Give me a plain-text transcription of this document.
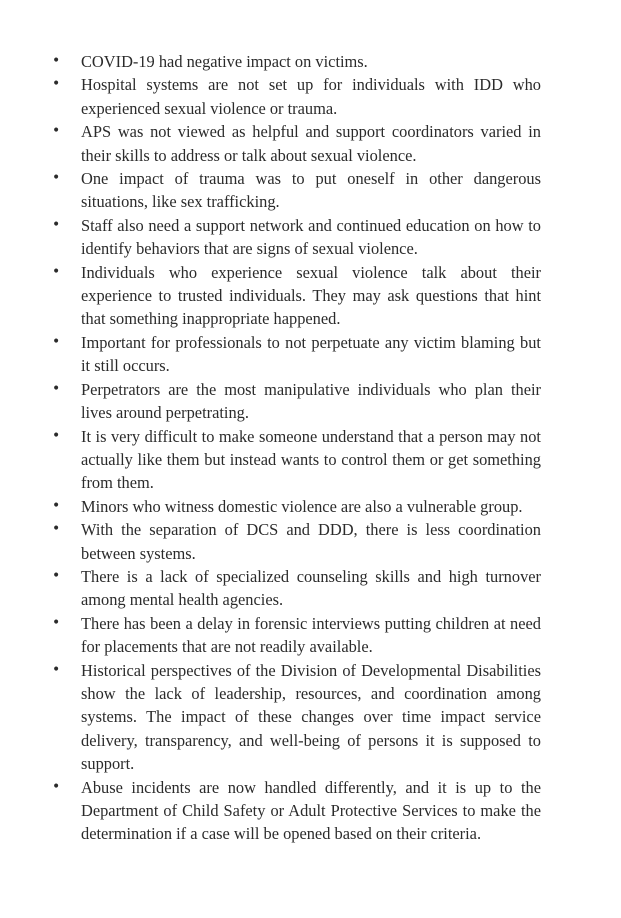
• COVID-19 had negative impact on victims.
• Hospital systems are not set up for individuals with IDD who experienced sexual violence or trauma.
• APS was not viewed as helpful and support coordinators varied in their skills to address or talk about sexual violence.
• One impact of trauma was to put oneself in other dangerous situations, like sex trafficking.
• Staff also need a support network and continued education on how to identify behaviors that are signs of sexual violence.
• Individuals who experience sexual violence talk about their experience to trusted individuals. They may ask questions that hint that something inappropriate happened.
• Important for professionals to not perpetuate any victim blaming but it still occurs.
• Perpetrators are the most manipulative individuals who plan their lives around perpetrating.
• It is very difficult to make someone understand that a person may not actually like them but instead wants to control them or get something from them.
• Minors who witness domestic violence are also a vulnerable group.
• With the separation of DCS and DDD, there is less coordination between systems.
• There is a lack of specialized counseling skills and high turnover among mental health agencies.
• There has been a delay in forensic interviews putting children at need for placements that are not readily available.
• Historical perspectives of the Division of Developmental Disabilities show the lack of leadership, resources, and coordination among systems. The impact of these changes over time impact service delivery, transparency, and well-being of persons it is supposed to support.
• Abuse incidents are now handled differently, and it is up to the Department of Child Safety or Adult Protective Services to make the determination if a case will be opened based on their criteria.
